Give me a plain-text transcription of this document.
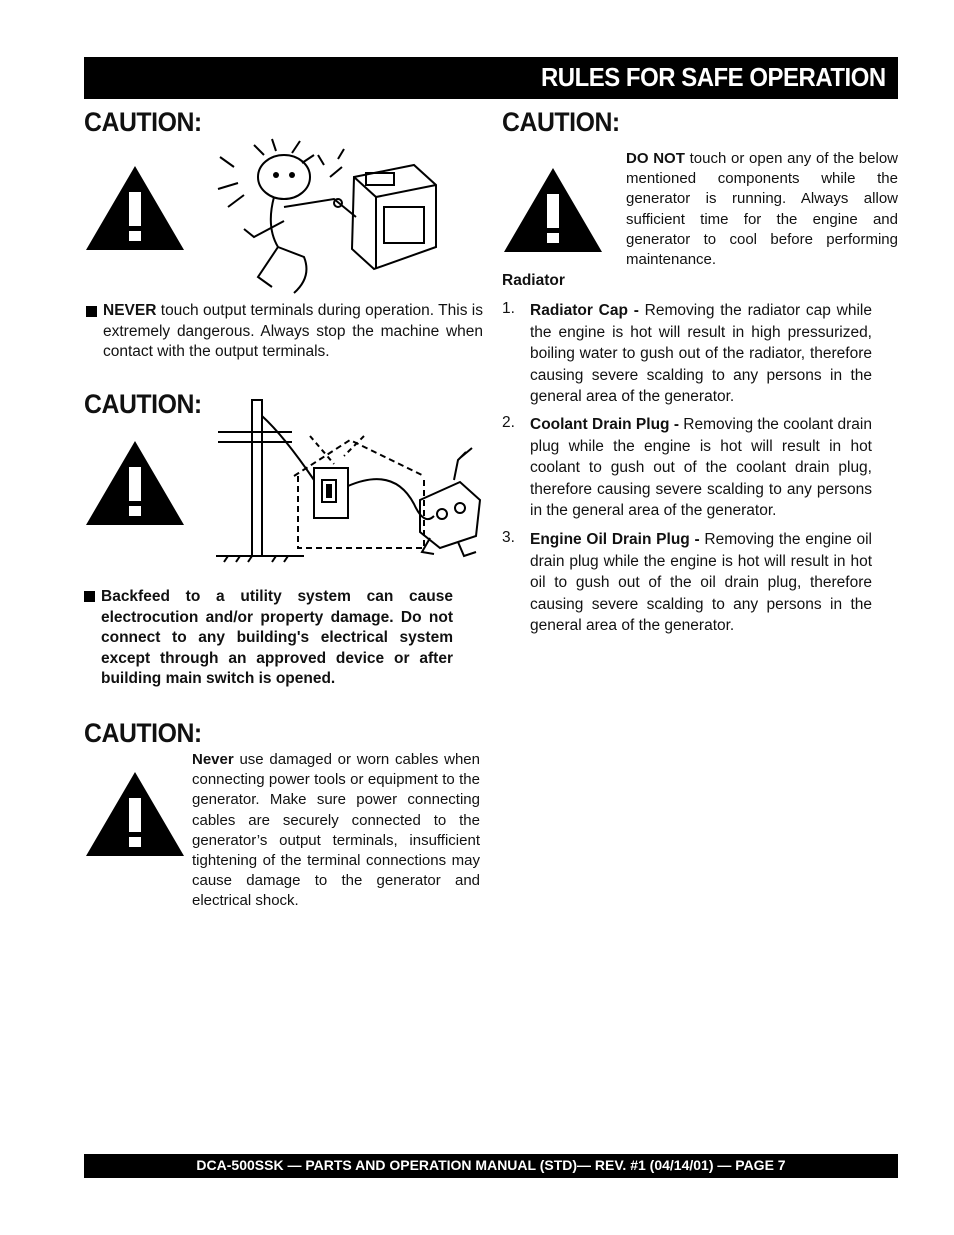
RULES FOR SAFE OPERATION
CAUTION:
NEVER touch output terminals during operation. This is extremely dangerous. Always stop the machine when contact with the output terminals.
CAUTION:
Backfeed to a utility system can cause electrocution and/or property damage. Do not connect to any building's electrical system except through an approved device or after building main switch is opened.
CAUTION:
Never use damaged or worn cables when connecting power tools or equipment to the generator. Make sure power connecting cables are securely connected to the generator’s output terminals, insufficient tightening of the terminal connections may cause damage to the generator and electrical shock.
CAUTION:
DO NOT touch or open any of the below mentioned components while the generator is running. Always allow sufficient time for the engine and generator to cool before performing maintenance.
Radiator
1. Radiator Cap - Removing the radiator cap while the engine is hot will result in high pressurized, boiling water to gush out of the radiator, therefore causing severe scalding to any persons in the general area of the generator.
2. Coolant Drain Plug - Removing the coolant drain plug while the engine is hot will result in hot coolant to gush out of the coolant drain plug, therefore causing severe scalding to any persons in the general area of the generator.
3. Engine Oil Drain Plug - Removing the engine oil drain plug while the engine is hot will result in hot oil to gush out of the oil drain plug, therefore causing severe scalding to any persons in the general area of the generator.
DCA-500SSK — PARTS AND OPERATION MANUAL (STD)— REV. #1 (04/14/01) — PAGE 7
